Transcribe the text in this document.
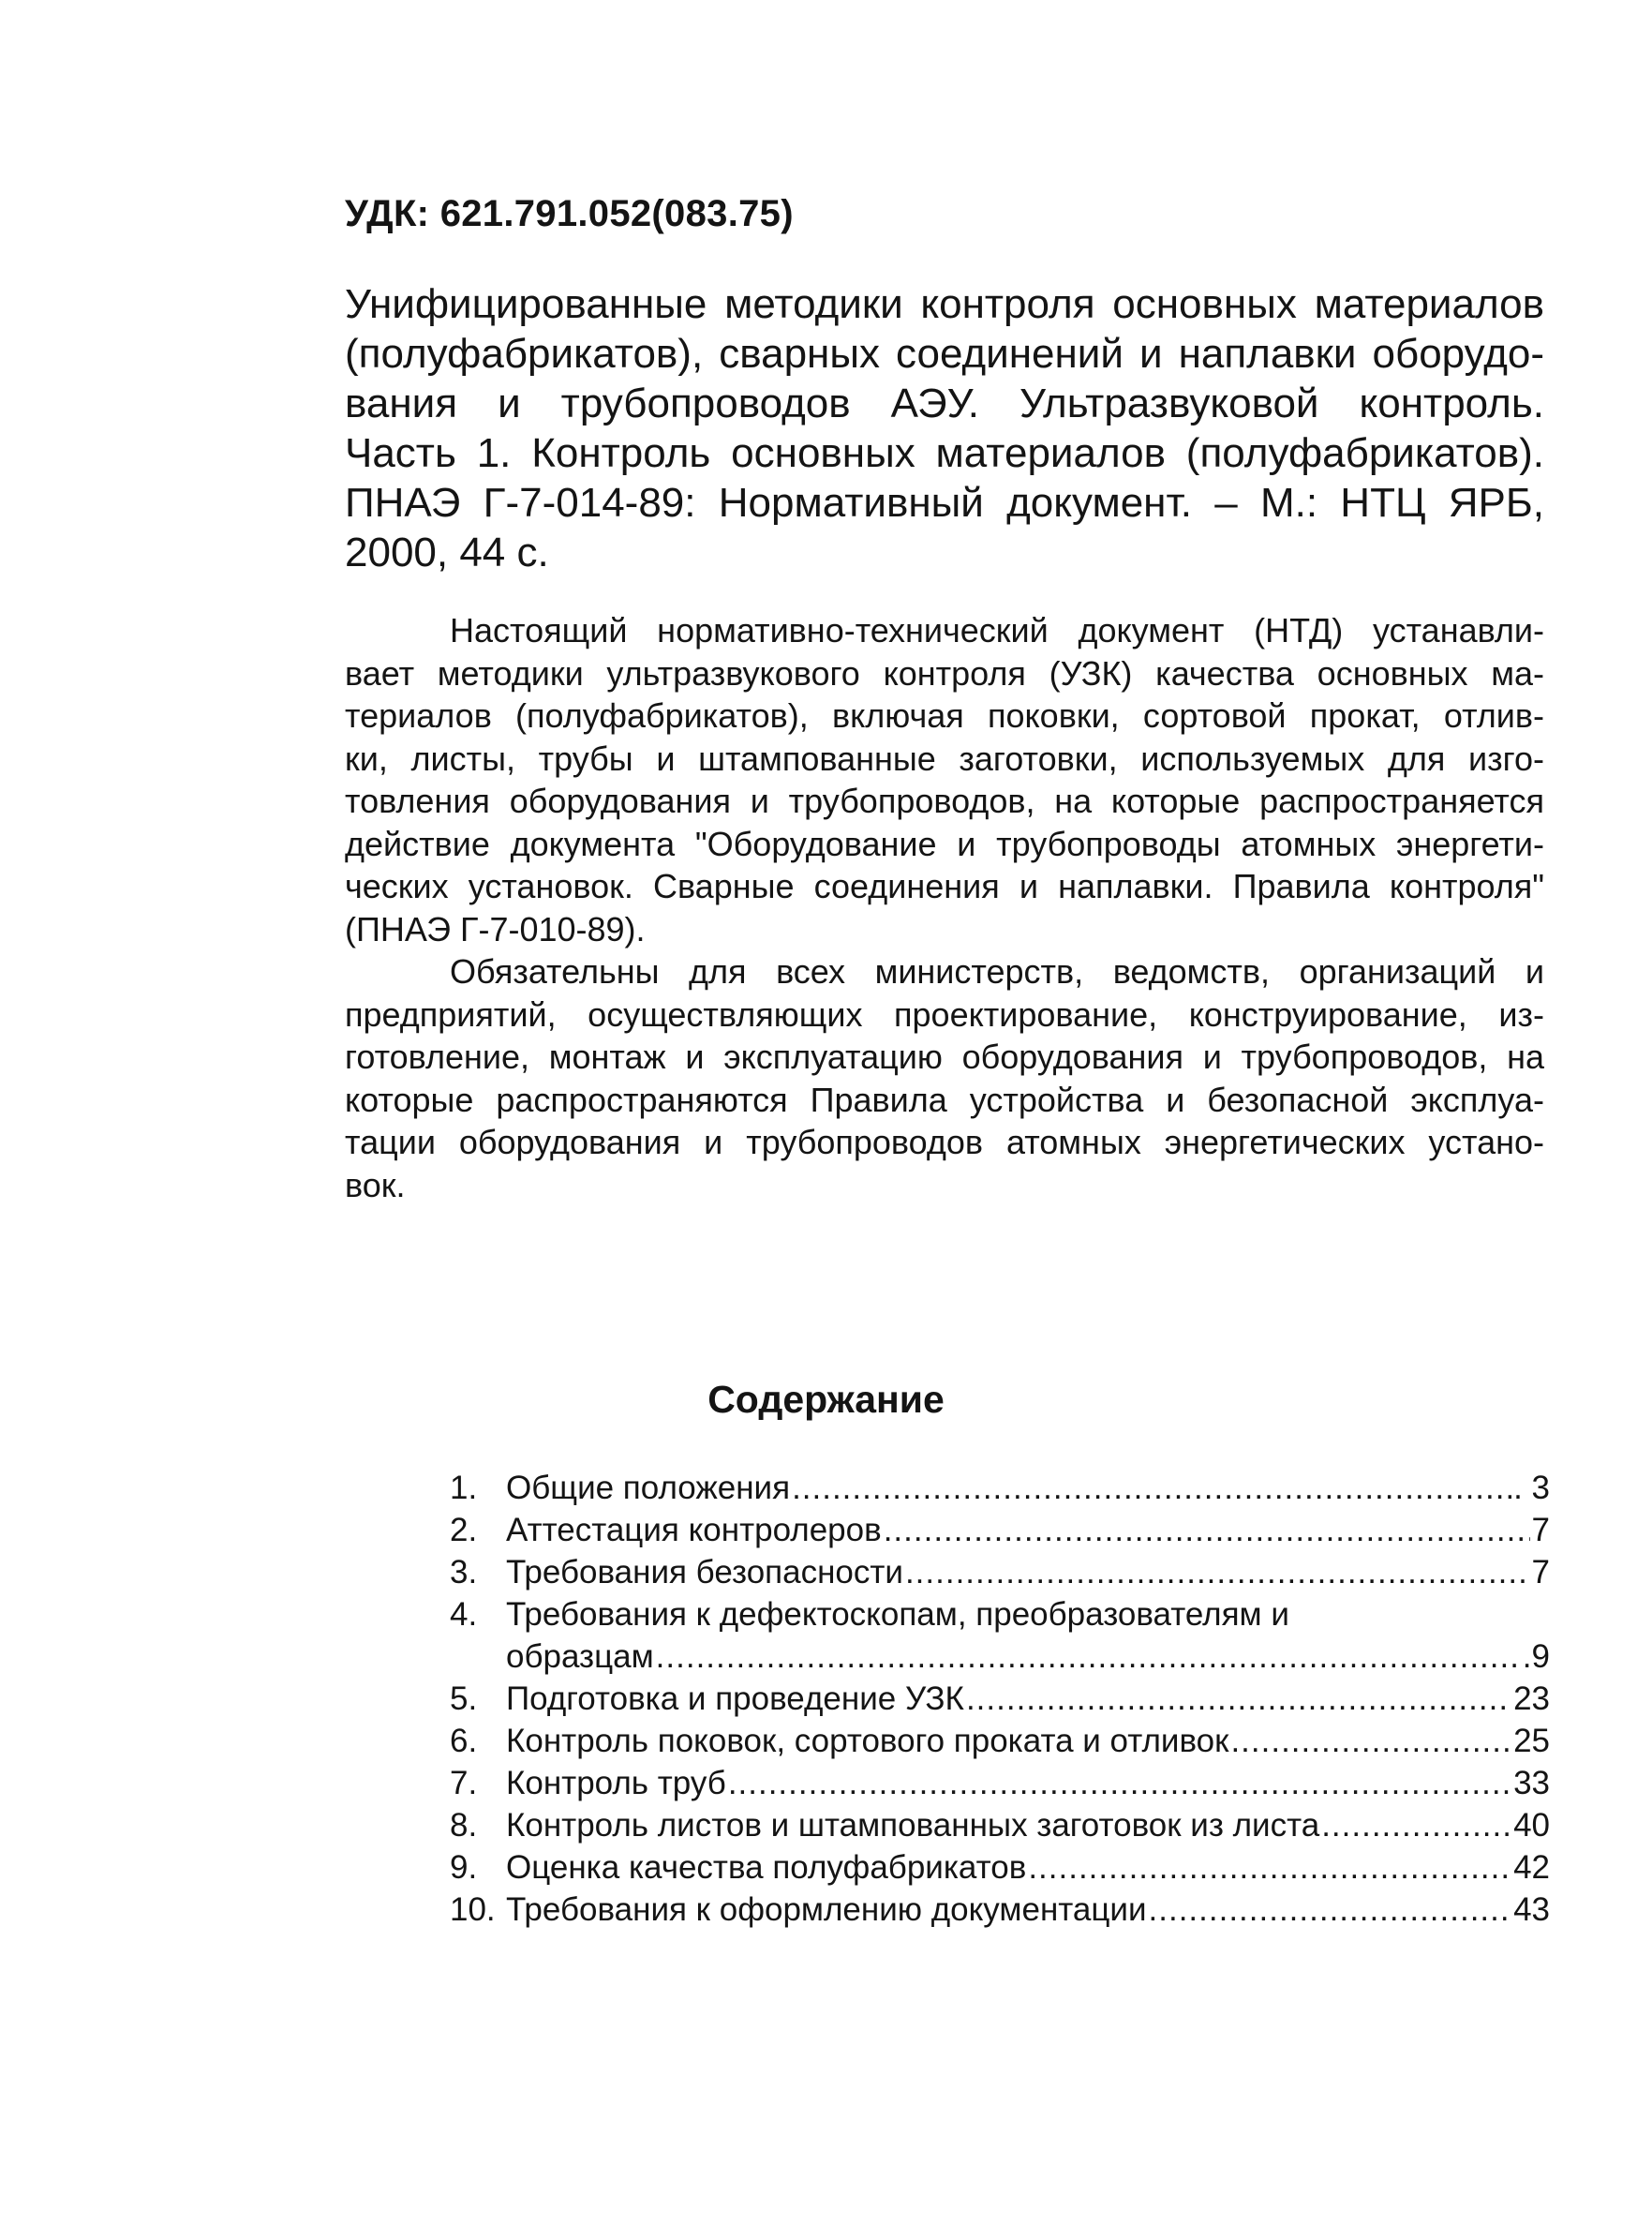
УДК: 621.791.052(083.75)
Унифицированные методики контроля основных материалов
(полуфабрикатов), сварных соединений и наплавки оборудо-
вания и трубопроводов АЭУ. Ультразвуковой контроль.
Часть 1. Контроль основных материалов (полуфабрикатов).
ПНАЭ Г-7-014-89: Нормативный документ. – М.: НТЦ ЯРБ,
2000, 44 с.
Настоящий нормативно-технический документ (НТД) устанавли-
вает методики ультразвукового контроля (УЗК) качества основных ма-
териалов (полуфабрикатов), включая поковки, сортовой прокат, отлив-
ки, листы, трубы и штампованные заготовки, используемых для изго-
товления оборудования и трубопроводов, на которые распространяется
действие документа "Оборудование и трубопроводы атомных энергети-
ческих установок. Сварные соединения и наплавки. Правила контроля"
(ПНАЭ Г-7-010-89).
Обязательны для всех министерств, ведомств, организаций и
предприятий, осуществляющих проектирование, конструирование, из-
готовление, монтаж и эксплуатацию оборудования и трубопроводов, на
которые распространяются Правила устройства и безопасной эксплуа-
тации оборудования и трубопроводов атомных энергетических устано-
вок.
Содержание
1. Общие положения .....	. 3
2. Аттестация контролеров .....	7
3. Требования безопасности .....	7
4. Требования к дефектоскопам, преобразователям и
образцам .....	.9
5. Подготовка и проведение УЗК .....	23
6. Контроль поковок, сортового проката и отливок .....	25
7. Контроль труб .....	33
8. Контроль листов и штампованных заготовок из листа .....	40
9. Оценка качества полуфабрикатов .....	42
10. Требования к оформлению документации .....	43
